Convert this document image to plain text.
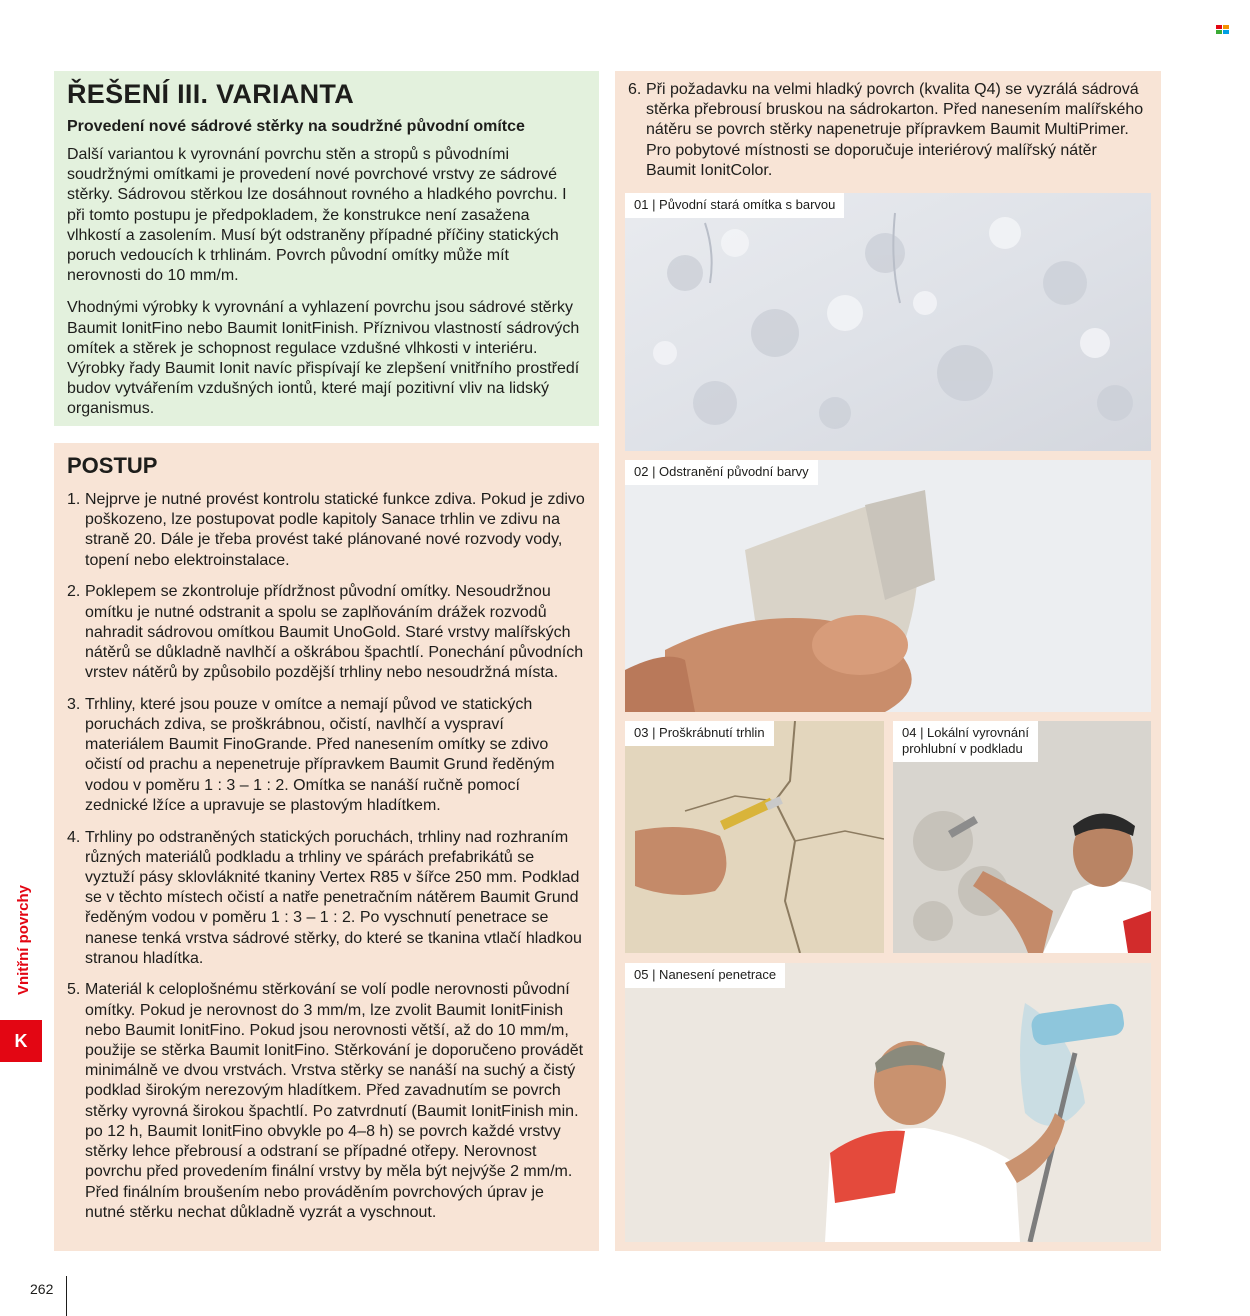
ŘEŠENÍ III. VARIANTA
Provedení nové sádrové stěrky na soudržné původní omítce

Další variantou k vyrovnání povrchu stěn a stropů s původními soudržnými omítkami je provedení nové povrchové vrstvy ze sádrové stěrky. Sádrovou stěrkou lze dosáhnout rovného a hladkého povrchu. I při tomto postupu je předpokladem, že konstrukce není zasažena vlhkostí a zasolením. Musí být odstraněny případné příčiny statických poruch vedoucích k trhlinám. Povrch původní omítky může mít nerovnosti do 10 mm/m.

Vhodnými výrobky k vyrovnání a vyhlazení povrchu jsou sádrové stěrky Baumit IonitFino nebo Baumit IonitFinish. Příznivou vlastností sádrových omítek a stěrek je schopnost regulace vzdušné vlhkosti v interiéru. Výrobky řady Baumit Ionit navíc přispívají ke zlepšení vnitřního prostředí budov vytvářením vzdušných iontů, které mají pozitivní vliv na lidský organismus.

POSTUP
1. Nejprve je nutné provést kontrolu statické funkce zdiva. Pokud je zdivo poškozeno, lze postupovat podle kapitoly Sanace trhlin ve zdivu na straně 20. Dále je třeba provést také plánované nové rozvody vody, topení nebo elektroinstalace.
2. Poklepem se zkontroluje přídržnost původní omítky. Nesoudržnou omítku je nutné odstranit a spolu se zaplňováním drážek rozvodů nahradit sádrovou omítkou Baumit UnoGold. Staré vrstvy malířských nátěrů se důkladně navlhčí a oškrábou špachtlí. Ponechání původních vrstev nátěrů by způsobilo pozdější trhliny nebo nesoudržná místa.
3. Trhliny, které jsou pouze v omítce a nemají původ ve statických poruchách zdiva, se proškrábnou, očistí, navlhčí a vyspraví materiálem Baumit FinoGrande. Před nanesením omítky se zdivo očistí od prachu a nepenetruje přípravkem Baumit Grund ředěným vodou v poměru 1 : 3 – 1 : 2. Omítka se nanáší ručně pomocí zednické lžíce a upravuje se plastovým hladítkem.
4. Trhliny po odstraněných statických poruchách, trhliny nad rozhraním různých materiálů podkladu a trhliny ve spárách prefabrikátů se vyztuží pásy sklovláknité tkaniny Vertex R85 v šířce 250 mm. Podklad se v těchto místech očistí a natře penetračním nátěrem Baumit Grund ředěným vodou v poměru 1 : 3 – 1 : 2. Po vyschnutí penetrace se nanese tenká vrstva sádrové stěrky, do které se tkanina vtlačí hladkou stranou hladítka.
5. Materiál k celoplošnému stěrkování se volí podle nerovnosti původní omítky. Pokud je nerovnost do 3 mm/m, lze zvolit Baumit IonitFinish nebo Baumit IonitFino. Pokud jsou nerovnosti větší, až do 10 mm/m, použije se stěrka Baumit IonitFino. Stěrkování je doporučeno provádět minimálně ve dvou vrstvách. Vrstva stěrky se nanáší na suchý a čistý podklad širokým nerezovým hladítkem. Před zavadnutím se povrch stěrky vyrovná širokou špachtlí. Po zatvrdnutí (Baumit IonitFinish min. po 12 h, Baumit IonitFino obvykle po 4–8 h) se povrch každé vrstvy stěrky lehce přebrousí a odstraní se případné otřepy. Nerovnost povrchu před provedením finální vrstvy by měla být nejvýše 2 mm/m. Před finálním broušením nebo prováděním povrchových úprav je nutné stěrku nechat důkladně vyzrát a vyschnout.
6. Při požadavku na velmi hladký povrch (kvalita Q4) se vyzrálá sádrová stěrka přebrousí bruskou na sádrokarton. Před nanesením malířského nátěru se povrch stěrky napenetruje přípravkem Baumit MultiPrimer. Pro pobytové místnosti se doporučuje interiérový malířský nátěr Baumit IonitColor.
01 | Původní stará omítka s barvou
02 | Odstranění původní barvy
03 | Proškrábnutí trhlin	04 | Lokální vyrovnání
prohlubní v podkladu
05 | Nanesení penetrace
Vnitřní povrchy
K
262
